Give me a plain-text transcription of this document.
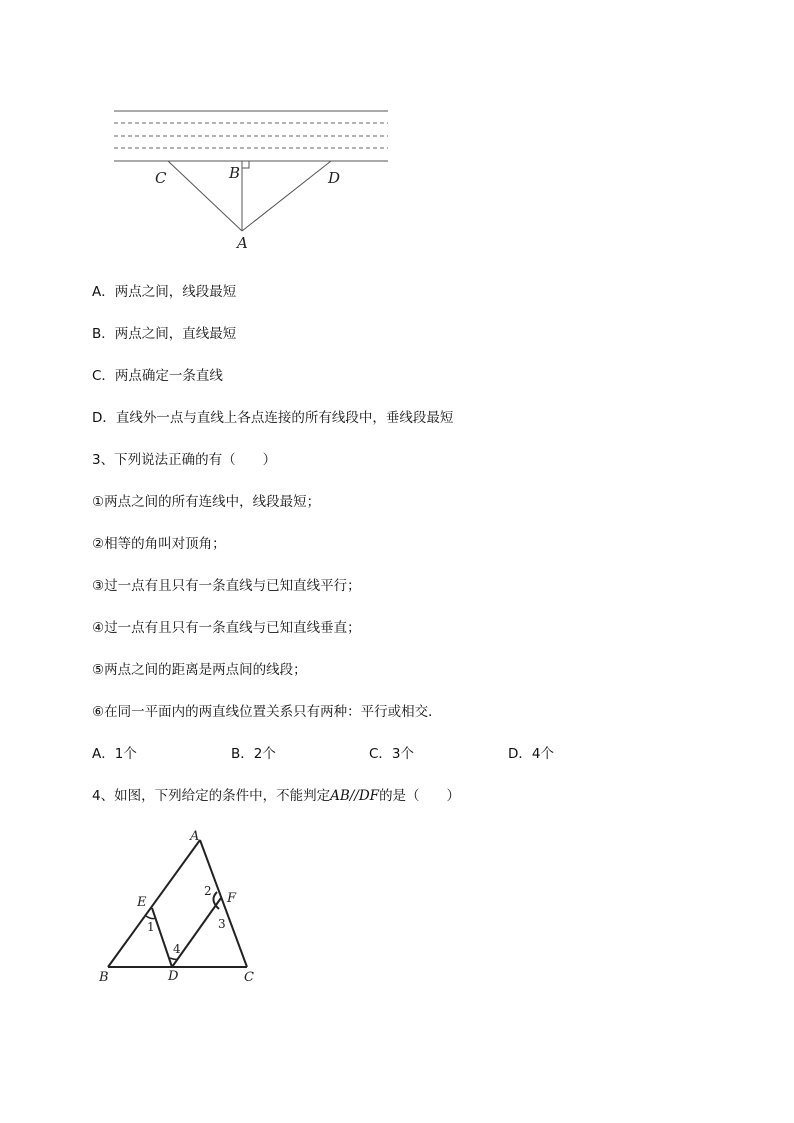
C	B	D
A
A．两点之间，线段最短
B．两点之间，直线最短
C．两点确定一条直线
D．直线外一点与直线上各点连接的所有线段中，垂线段最短
3、下列说法正确的有（　　）
①两点之间的所有连线中，线段最短；
②相等的角叫对顶角；
③过一点有且只有一条直线与已知直线平行；
④过一点有且只有一条直线与已知直线垂直；
⑤两点之间的距离是两点间的线段；
⑥在同一平面内的两直线位置关系只有两种：平行或相交．
A．1个	B．2个	C．3个	D．4个
4、如图，下列给定的条件中，不能判定AB//DF的是（　　）
A
E	F
B	D	C
1
2
3
4
